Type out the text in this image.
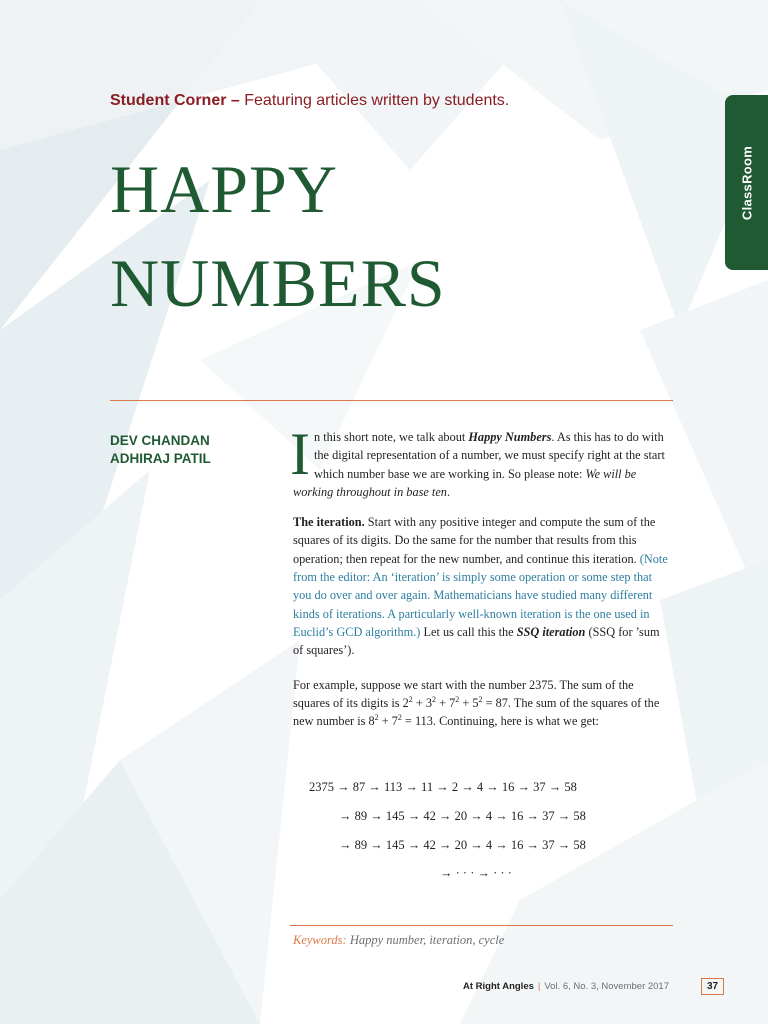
Student Corner – Featuring articles written by students.
HAPPY
NUMBERS
ClassRoom
DEV CHANDAN
ADHIRAJ PATIL In this short note, we talk about Happy Numbers. As this has to do with the digital representation of a number, we must specify right at the start which number base we are working in. So please note: We will be working throughout in base ten.

The iteration. Start with any positive integer and compute the sum of the squares of its digits. Do the same for the number that results from this operation; then repeat for the new number, and continue this iteration. (Note from the editor: An ‘iteration’ is simply some operation or some step that you do over and over again. Mathematicians have studied many different kinds of iterations. A particularly well-known iteration is the one used in Euclid’s GCD algorithm.) Let us call this the SSQ iteration (SSQ for ’sum of squares’).

For example, suppose we start with the number 2375. The sum of the squares of its digits is $2^2 + 3^2 + 7^2 + 5^2 = 87$. The sum of the squares of the new number is $8^2 + 7^2 = 113$. Continuing, here is what we get:

2375 → 87 → 113 → 11 → 2 → 4 → 16 → 37 → 58
→ 89 → 145 → 42 → 20 → 4 → 16 → 37 → 58
→ 89 → 145 → 42 → 20 → 4 → 16 → 37 → 58
→ · · · → · · ·
Keywords: Happy number, iteration, cycle
At Right Angles | Vol. 6, No. 3, November 2017	37
